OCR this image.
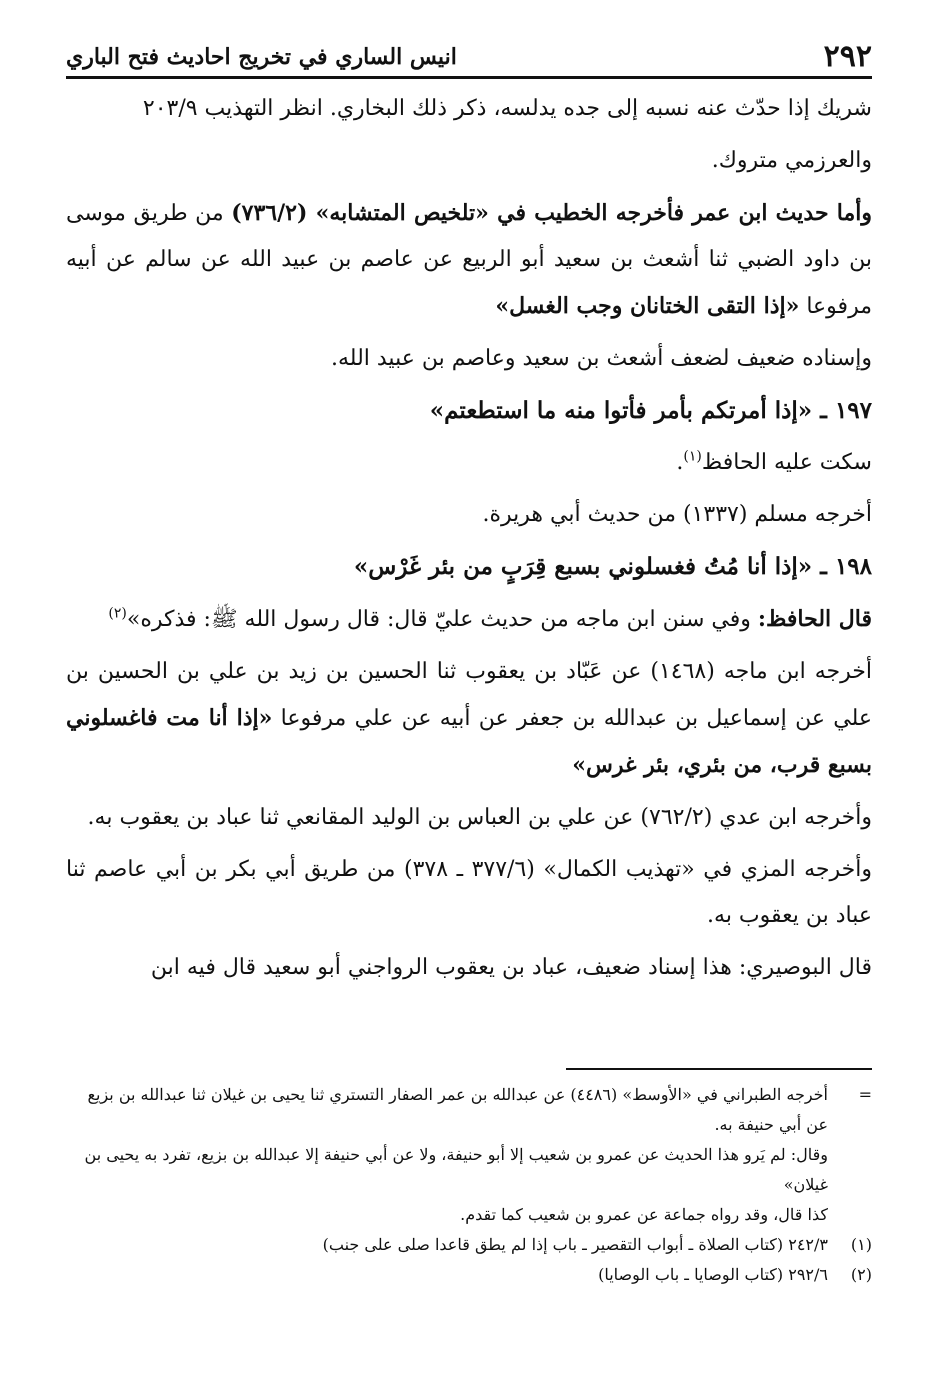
٢٩٢
انيس الساري في تخريج احاديث فتح الباري

شريك إذا حدّث عنه نسبه إلى جده يدلسه، ذكر ذلك البخاري. انظر التهذيب ٢٠٣/٩

والعرزمي متروك.

وأما حديث ابن عمر فأخرجه الخطيب في «تلخيص المتشابه» (٧٣٦/٢) من طريق موسى بن داود الضبي ثنا أشعث بن سعيد أبو الربيع عن عاصم بن عبيد الله عن سالم عن أبيه مرفوعا «إذا التقى الختانان وجب الغسل»

وإسناده ضعيف لضعف أشعث بن سعيد وعاصم بن عبيد الله.

١٩٧ ـ «إذا أمرتكم بأمر فأتوا منه ما استطعتم»

سكت عليه الحافظ$^{(١)}$.

أخرجه مسلم (١٣٣٧) من حديث أبي هريرة.

١٩٨ ـ «إذا أنا مُتُ فغسلوني بسبع قِرَبٍ من بئر غَرْس»

قال الحافظ: وفي سنن ابن ماجه من حديث عليّ قال: قال رسول الله ﷺ: فذكره»$^{(٢)}$

أخرجه ابن ماجه (١٤٦٨) عن عَبّاد بن يعقوب ثنا الحسين بن زيد بن علي بن الحسين بن علي عن إسماعيل بن عبدالله بن جعفر عن أبيه عن علي مرفوعا «إذا أنا مت فاغسلوني بسبع قرب، من بئري، بئر غرس»

وأخرجه ابن عدي (٧٦٢/٢) عن علي بن العباس بن الوليد المقانعي ثنا عباد بن يعقوب به.

وأخرجه المزي في «تهذيب الكمال» (٣٧٧/٦ ـ ٣٧٨) من طريق أبي بكر بن أبي عاصم ثنا عباد بن يعقوب به.

قال البوصيري: هذا إسناد ضعيف، عباد بن يعقوب الرواجني أبو سعيد قال فيه ابن

=
أخرجه الطبراني في «الأوسط» (٤٤٨٦) عن عبدالله بن عمر الصفار التستري ثنا يحيى بن غيلان ثنا عبدالله بن بزيع عن أبي حنيفة به.
وقال: لم يَرو هذا الحديث عن عمرو بن شعيب إلا أبو حنيفة، ولا عن أبي حنيفة إلا عبدالله بن بزيع، تفرد به يحيى بن غيلان»
كذا قال، وقد رواه جماعة عن عمرو بن شعيب كما تقدم.
(١)
٢٤٢/٣ (كتاب الصلاة ـ أبواب التقصير ـ باب إذا لم يطق قاعدا صلى على جنب)
(٢)
٢٩٢/٦ (كتاب الوصايا ـ باب الوصايا)
